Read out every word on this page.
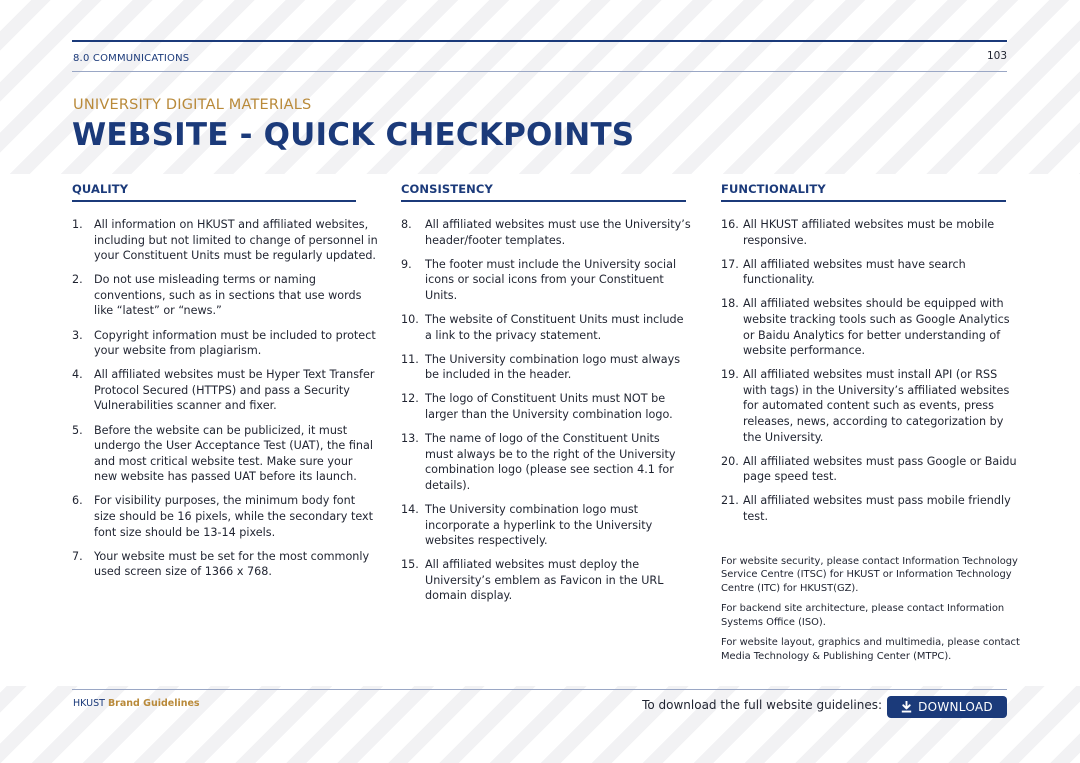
8.0 COMMUNICATIONS	103
UNIVERSITY DIGITAL MATERIALS
WEBSITE - QUICK CHECKPOINTS
QUALITY
1.	All information on HKUST and affiliated websites, including but not limited to change of personnel in your Constituent Units must be regularly updated.
2.	Do not use misleading terms or naming conventions, such as in sections that use words like “latest” or “news.”
3.	Copyright information must be included to protect your website from plagiarism.
4.	All affiliated websites must be Hyper Text Transfer Protocol Secured (HTTPS) and pass a Security Vulnerabilities scanner and fixer.
5.	Before the website can be publicized, it must undergo the User Acceptance Test (UAT), the final and most critical website test. Make sure your new website has passed UAT before its launch.
6.	For visibility purposes, the minimum body font size should be 16 pixels, while the secondary text font size should be 13-14 pixels.
7.	Your website must be set for the most commonly used screen size of 1366 x 768.
CONSISTENCY
8.	All affiliated websites must use the University’s header/footer templates.
9.	The footer must include the University social icons or social icons from your Constituent Units.
10. The website of Constituent Units must include a link to the privacy statement.
11. The University combination logo must always be included in the header.
12. The logo of Constituent Units must NOT be larger than the University combination logo.
13. The name of logo of the Constituent Units must always be to the right of the University combination logo (please see section 4.1 for details).
14. The University combination logo must incorporate a hyperlink to the University websites respectively.
15. All affiliated websites must deploy the University’s emblem as Favicon in the URL domain display.
FUNCTIONALITY
16. All HKUST affiliated websites must be mobile responsive.
17. All affiliated websites must have search functionality.
18. All affiliated websites should be equipped with website tracking tools such as Google Analytics or Baidu Analytics for better understanding of website performance.
19. All affiliated websites must install API (or RSS with tags) in the University’s affiliated websites for automated content such as events, press releases, news, according to categorization by the University.
20. All affiliated websites must pass Google or Baidu page speed test.
21. All affiliated websites must pass mobile friendly test.

For website security, please contact Information Technology Service Centre (ITSC) for HKUST or Information Technology Centre (ITC) for HKUST(GZ).

For backend site architecture, please contact Information Systems Office (ISO).

For website layout, graphics and multimedia, please contact Media Technology & Publishing Center (MTPC).

HKUST Brand Guidelines	To download the full website guidelines:	DOWNLOAD
